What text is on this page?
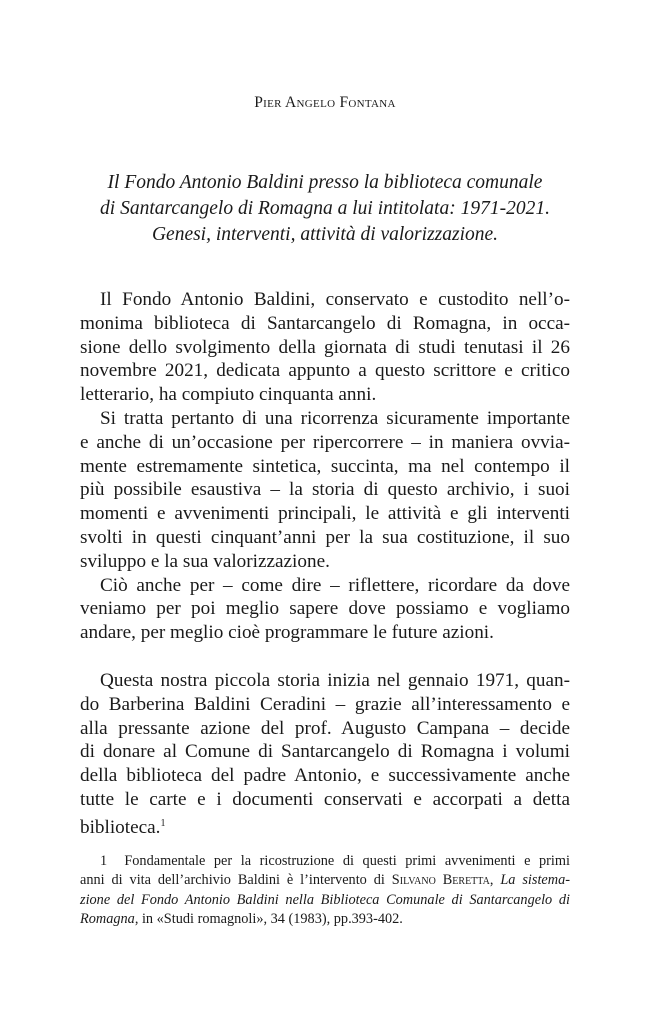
Pier Angelo Fontana
Il Fondo Antonio Baldini presso la biblioteca comunale
di Santarcangelo di Romagna a lui intitolata: 1971-2021.
Genesi, interventi, attività di valorizzazione.
Il Fondo Antonio Baldini, conservato e custodito nell’o-
monima biblioteca di Santarcangelo di Romagna, in occa-
sione dello svolgimento della giornata di studi tenutasi il 26
novembre 2021, dedicata appunto a questo scrittore e critico
letterario, ha compiuto cinquanta anni.
Si tratta pertanto di una ricorrenza sicuramente importante
e anche di un’occasione per ripercorrere – in maniera ovvia-
mente estremamente sintetica, succinta, ma nel contempo il
più possibile esaustiva – la storia di questo archivio, i suoi
momenti e avvenimenti principali, le attività e gli interventi
svolti in questi cinquant’anni per la sua costituzione, il suo
sviluppo e la sua valorizzazione.
Ciò anche per – come dire – riflettere, ricordare da dove
veniamo per poi meglio sapere dove possiamo e vogliamo
andare, per meglio cioè programmare le future azioni.
Questa nostra piccola storia inizia nel gennaio 1971, quan-
do Barberina Baldini Ceradini – grazie all’interessamento e
alla pressante azione del prof. Augusto Campana – decide
di donare al Comune di Santarcangelo di Romagna i volumi
della biblioteca del padre Antonio, e successivamente anche
tutte le carte e i documenti conservati e accorpati a detta
biblioteca.$^1$
1 Fondamentale per la ricostruzione di questi primi avvenimenti e primi
anni di vita dell’archivio Baldini è l’intervento di Silvano Beretta, La sistema-
zione del Fondo Antonio Baldini nella Biblioteca Comunale di Santarcangelo di
Romagna, in «Studi romagnoli», 34 (1983), pp.393-402.
